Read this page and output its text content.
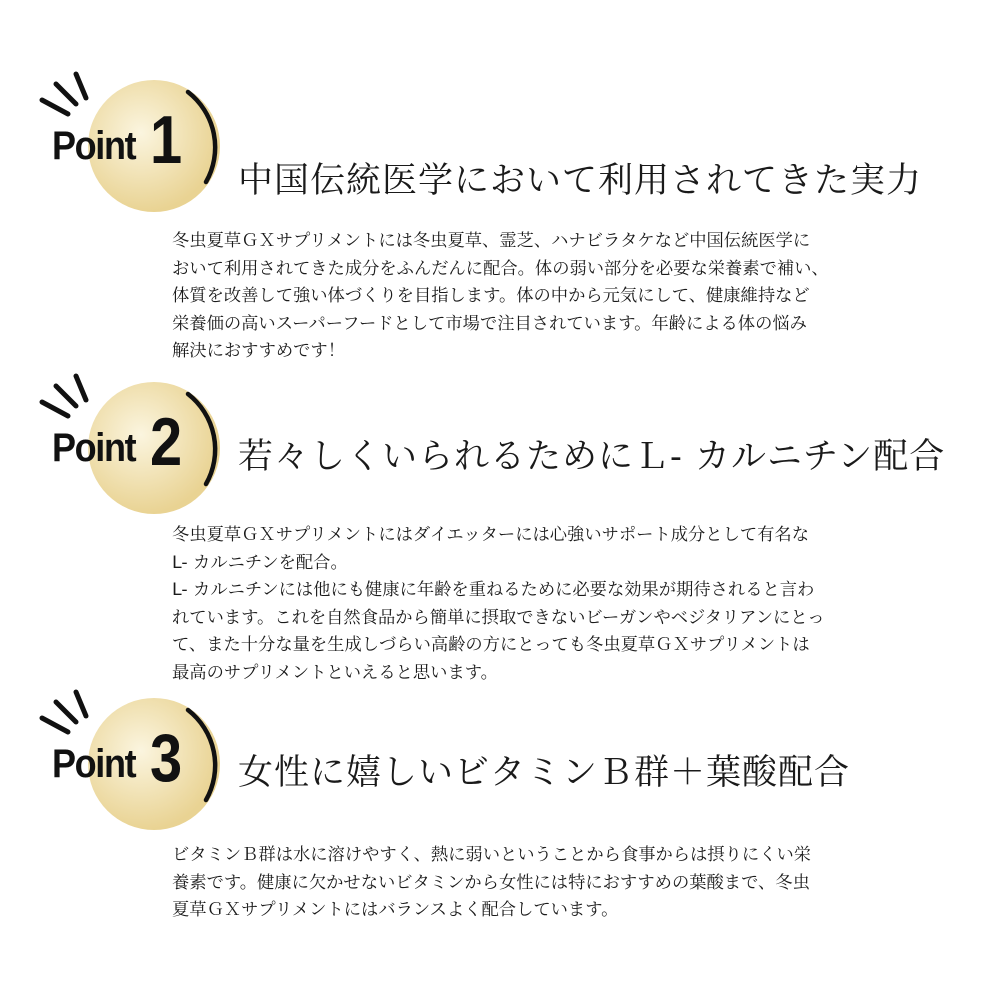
Point 1
中国伝統医学において利用されてきた実力
冬虫夏草ＧＸサプリメントには冬虫夏草、霊芝、ハナビラタケなど中国伝統医学に
おいて利用されてきた成分をふんだんに配合。体の弱い部分を必要な栄養素で補い、
体質を改善して強い体づくりを目指します。体の中から元気にして、健康維持など
栄養価の高いスーパーフードとして市場で注目されています。年齢による体の悩み
解決におすすめです！
Point 2 若々しくいられるためにＬ- カルニチン配合
冬虫夏草ＧＸサプリメントにはダイエッターには心強いサポート成分として有名な
L- カルニチンを配合。
L- カルニチンには他にも健康に年齢を重ねるために必要な効果が期待されると言わ
れています。これを自然食品から簡単に摂取できないビーガンやベジタリアンにとっ
て、また十分な量を生成しづらい高齢の方にとっても冬虫夏草ＧＸサプリメントは
最高のサプリメントといえると思います。
Point 3 女性に嬉しいビタミンＢ群＋葉酸配合
ビタミンＢ群は水に溶けやすく、熱に弱いということから食事からは摂りにくい栄
養素です。健康に欠かせないビタミンから女性には特におすすめの葉酸まで、冬虫
夏草ＧＸサプリメントにはバランスよく配合しています。
